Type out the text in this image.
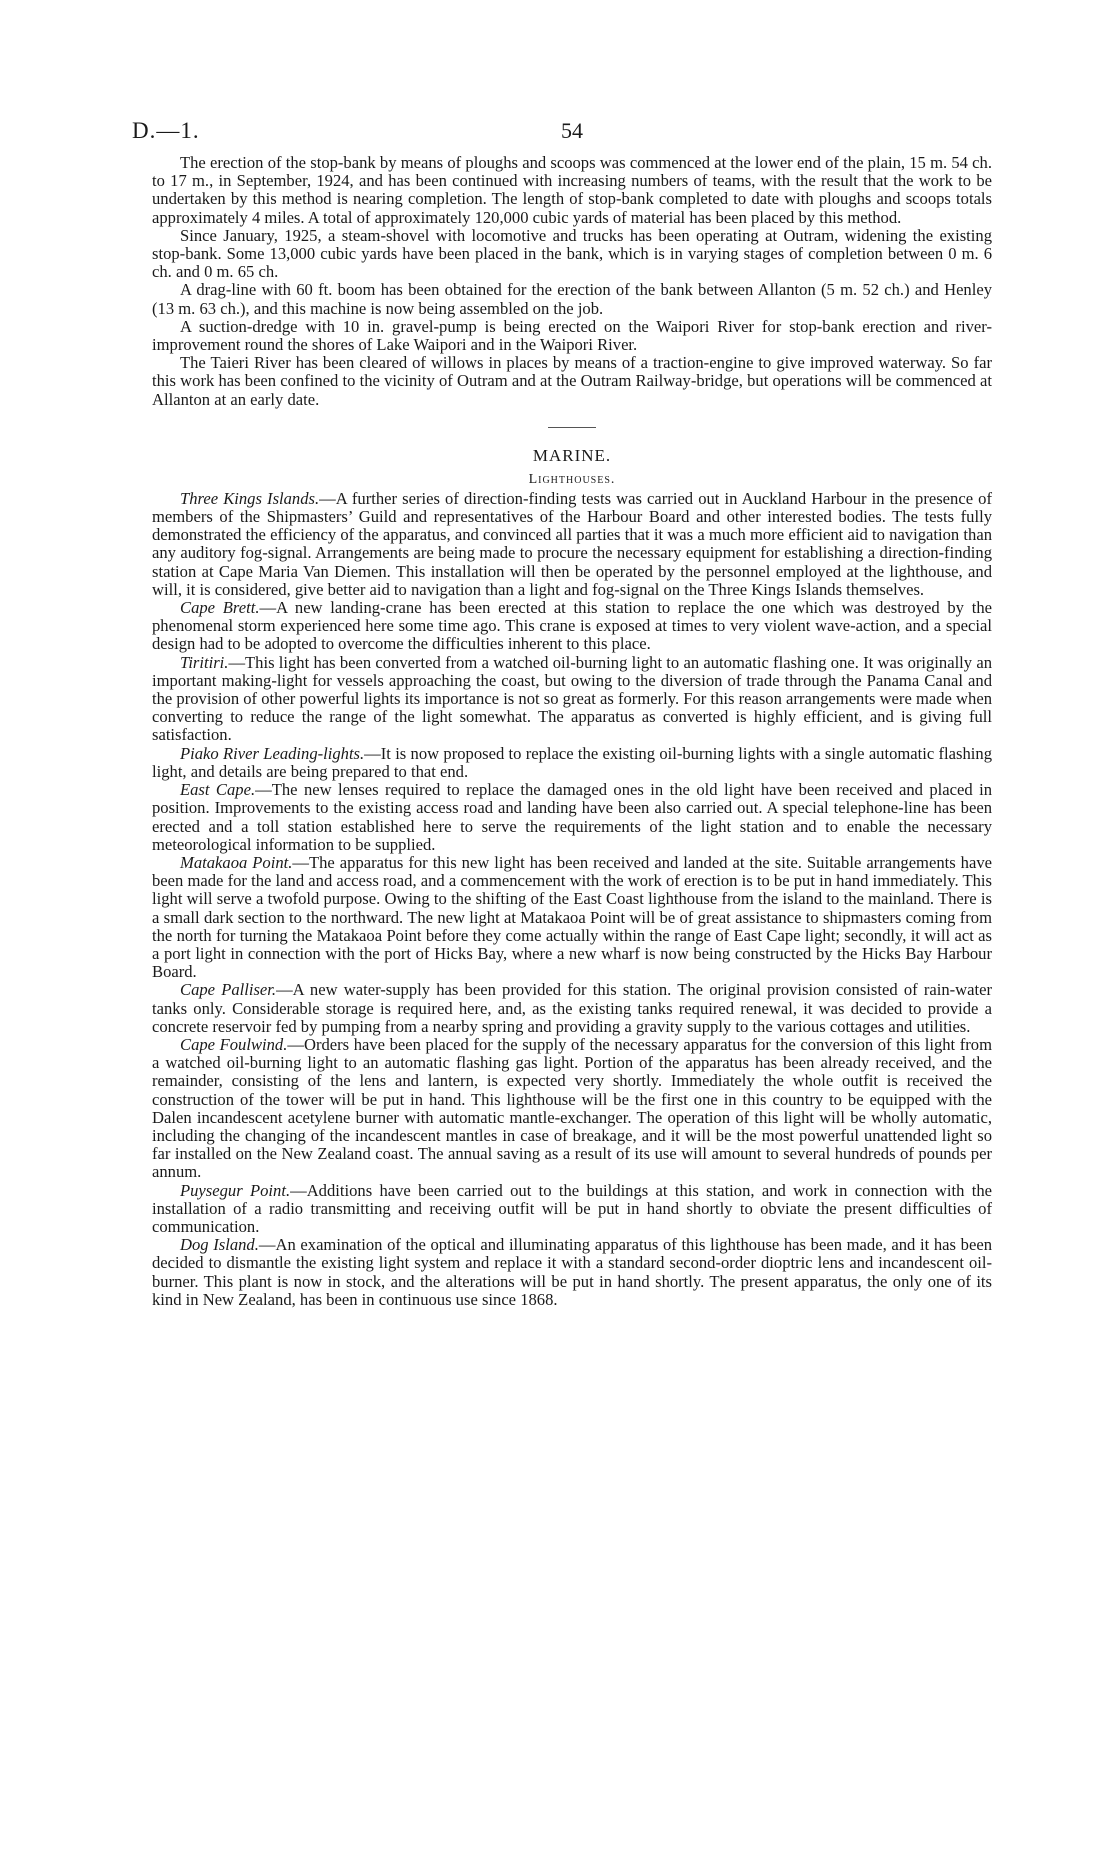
D.—1.	54

The erection of the stop-bank by means of ploughs and scoops was commenced at the lower end of the plain, 15 m. 54 ch. to 17 m., in September, 1924, and has been continued with increasing numbers of teams, with the result that the work to be undertaken by this method is nearing completion. The length of stop-bank completed to date with ploughs and scoops totals approximately 4 miles. A total of approximately 120,000 cubic yards of material has been placed by this method.

Since January, 1925, a steam-shovel with locomotive and trucks has been operating at Outram, widening the existing stop-bank. Some 13,000 cubic yards have been placed in the bank, which is in varying stages of completion between 0 m. 6 ch. and 0 m. 65 ch.

A drag-line with 60 ft. boom has been obtained for the erection of the bank between Allanton (5 m. 52 ch.) and Henley (13 m. 63 ch.), and this machine is now being assembled on the job.

A suction-dredge with 10 in. gravel-pump is being erected on the Waipori River for stop-bank erection and river-improvement round the shores of Lake Waipori and in the Waipori River.

The Taieri River has been cleared of willows in places by means of a traction-engine to give improved waterway. So far this work has been confined to the vicinity of Outram and at the Outram Railway-bridge, but operations will be commenced at Allanton at an early date.

MARINE.
Lighthouses.

Three Kings Islands.—A further series of direction-finding tests was carried out in Auckland Harbour in the presence of members of the Shipmasters’ Guild and representatives of the Harbour Board and other interested bodies. The tests fully demonstrated the efficiency of the apparatus, and convinced all parties that it was a much more efficient aid to navigation than any auditory fog-signal. Arrangements are being made to procure the necessary equipment for establishing a direction-finding station at Cape Maria Van Diemen. This installation will then be operated by the personnel employed at the lighthouse, and will, it is considered, give better aid to navigation than a light and fog-signal on the Three Kings Islands themselves.

Cape Brett.—A new landing-crane has been erected at this station to replace the one which was destroyed by the phenomenal storm experienced here some time ago. This crane is exposed at times to very violent wave-action, and a special design had to be adopted to overcome the difficulties inherent to this place.

Tiritiri.—This light has been converted from a watched oil-burning light to an automatic flashing one. It was originally an important making-light for vessels approaching the coast, but owing to the diversion of trade through the Panama Canal and the provision of other powerful lights its importance is not so great as formerly. For this reason arrangements were made when converting to reduce the range of the light somewhat. The apparatus as converted is highly efficient, and is giving full satisfaction.

Piako River Leading-lights.—It is now proposed to replace the existing oil-burning lights with a single automatic flashing light, and details are being prepared to that end.

East Cape.—The new lenses required to replace the damaged ones in the old light have been received and placed in position. Improvements to the existing access road and landing have been also carried out. A special telephone-line has been erected and a toll station established here to serve the requirements of the light station and to enable the necessary meteorological information to be supplied.

Matakaoa Point.—The apparatus for this new light has been received and landed at the site. Suitable arrangements have been made for the land and access road, and a commencement with the work of erection is to be put in hand immediately. This light will serve a twofold purpose. Owing to the shifting of the East Coast lighthouse from the island to the mainland. There is a small dark section to the northward. The new light at Matakaoa Point will be of great assistance to shipmasters coming from the north for turning the Matakaoa Point before they come actually within the range of East Cape light; secondly, it will act as a port light in connection with the port of Hicks Bay, where a new wharf is now being constructed by the Hicks Bay Harbour Board.

Cape Palliser.—A new water-supply has been provided for this station. The original provision consisted of rain-water tanks only. Considerable storage is required here, and, as the existing tanks required renewal, it was decided to provide a concrete reservoir fed by pumping from a nearby spring and providing a gravity supply to the various cottages and utilities.

Cape Foulwind.—Orders have been placed for the supply of the necessary apparatus for the conversion of this light from a watched oil-burning light to an automatic flashing gas light. Portion of the apparatus has been already received, and the remainder, consisting of the lens and lantern, is expected very shortly. Immediately the whole outfit is received the construction of the tower will be put in hand. This lighthouse will be the first one in this country to be equipped with the Dalen incandescent acetylene burner with automatic mantle-exchanger. The operation of this light will be wholly automatic, including the changing of the incandescent mantles in case of breakage, and it will be the most powerful unattended light so far installed on the New Zealand coast. The annual saving as a result of its use will amount to several hundreds of pounds per annum.

Puysegur Point.—Additions have been carried out to the buildings at this station, and work in connection with the installation of a radio transmitting and receiving outfit will be put in hand shortly to obviate the present difficulties of communication.

Dog Island.—An examination of the optical and illuminating apparatus of this lighthouse has been made, and it has been decided to dismantle the existing light system and replace it with a standard second-order dioptric lens and incandescent oil-burner. This plant is now in stock, and the alterations will be put in hand shortly. The present apparatus, the only one of its kind in New Zealand, has been in continuous use since 1868.
